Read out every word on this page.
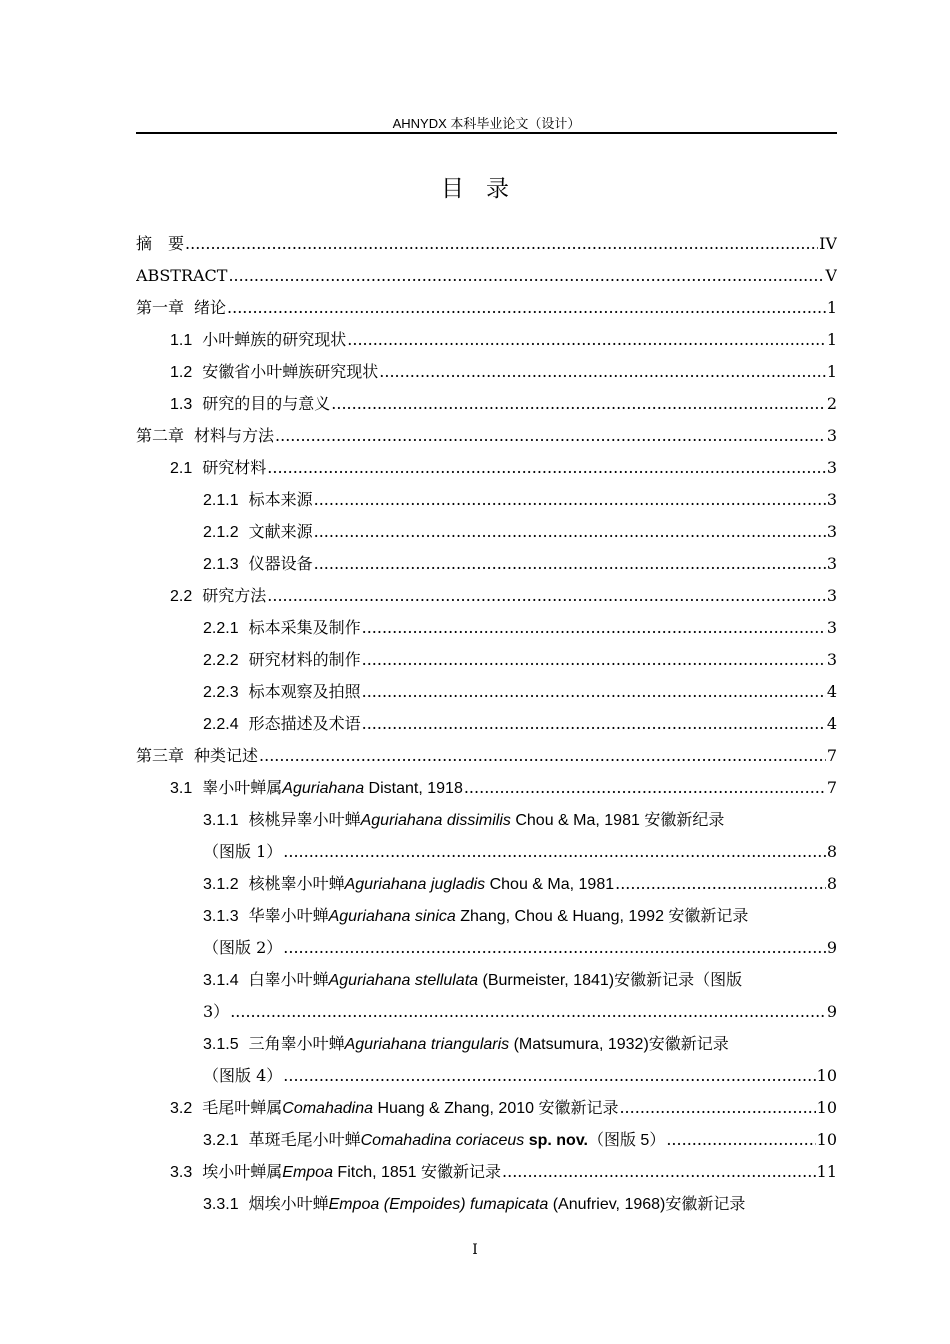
AHNYDX 本科毕业论文（设计）
目录
摘　要 .....	IV
ABSTRACT .....	V
第一章 绪论 .....	1
1.1 小叶蝉族的研究现状 .....	1
1.2 安徽省小叶蝉族研究现状 .....	1
1.3 研究的目的与意义 .....	2
第二章 材料与方法 .....	3
2.1 研究材料 .....	3
2.1.1 标本来源 .....	3
2.1.2 文献来源 .....	3
2.1.3 仪器设备 .....	3
2.2 研究方法 .....	3
2.2.1 标本采集及制作 .....	3
2.2.2 研究材料的制作 .....	3
2.2.3 标本观察及拍照 .....	4
2.2.4 形态描述及术语 .....	4
第三章 种类记述 .....	7
3.1 睾小叶蝉属Aguriahana Distant, 1918 .....	7
3.1.1 核桃异睾小叶蝉Aguriahana dissimilis Chou & Ma, 1981 安徽新纪录
（图版 1） .....	8
3.1.2 核桃睾小叶蝉Aguriahana jugladis Chou & Ma, 1981 .....	8
3.1.3 华睾小叶蝉Aguriahana sinica Zhang, Chou & Huang, 1992 安徽新记录
（图版 2） .....	9
3.1.4 白睾小叶蝉Aguriahana stellulata (Burmeister, 1841)安徽新记录（图版
3） .....	9
3.1.5 三角睾小叶蝉Aguriahana triangularis (Matsumura, 1932)安徽新记录
（图版 4） .....	10
3.2 毛尾叶蝉属Comahadina Huang & Zhang, 2010 安徽新记录 .....	10
3.2.1 革斑毛尾小叶蝉Comahadina coriaceus sp. nov.（图版 5） .....	10
3.3 埃小叶蝉属Empoa Fitch, 1851 安徽新记录 .....	11
3.3.1 烟埃小叶蝉Empoa (Empoides) fumapicata (Anufriev, 1968)安徽新记录
I
